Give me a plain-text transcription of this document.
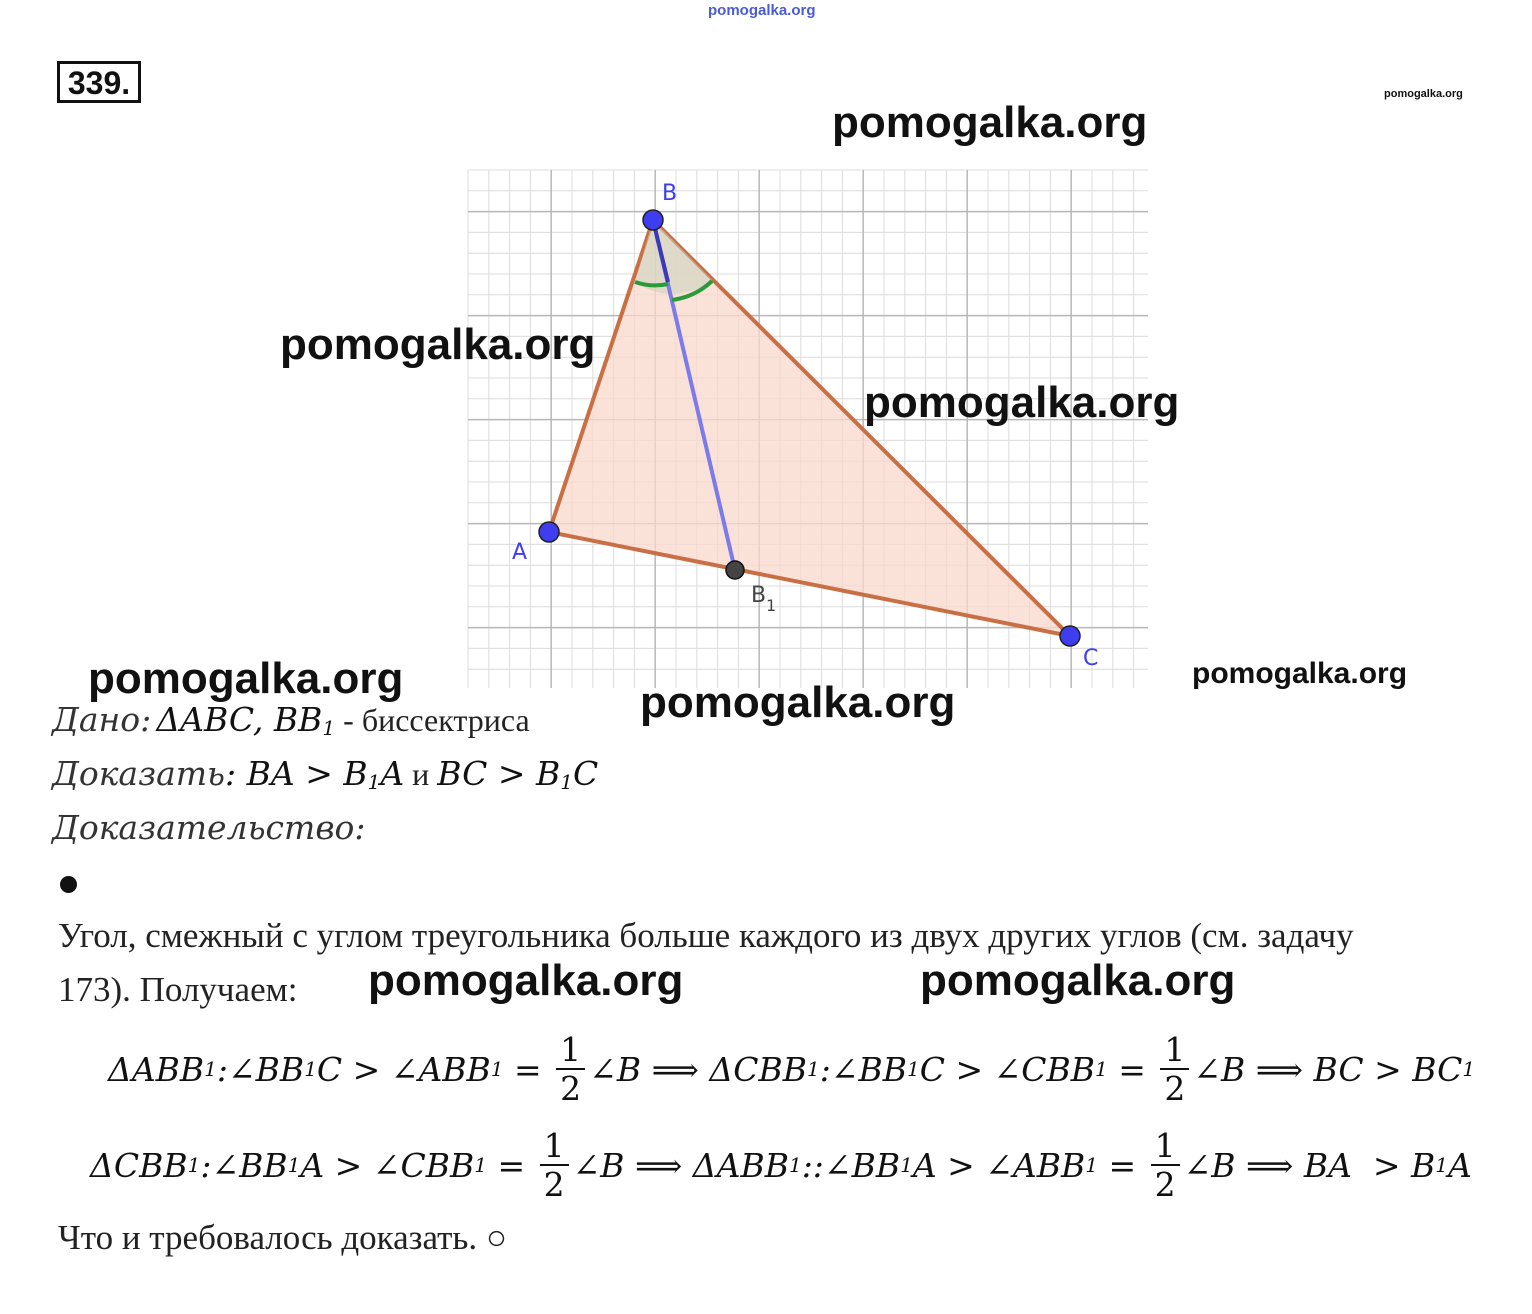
pomogalka.org
339.	pomogalka.org
B
A
B 1
C
pomogalka.org
pomogalka.org
pomogalka.org
pomogalka.org	pomogalka.org
pomogalka.org
Дано: ΔABC, $BB_1$ - биссектриса
Доказать: BA > $B_1A$ и BC > $B_1C$
Доказательство:
Угол, смежный с углом треугольника больше каждого из двух других углов (см. задачу
173). Получаем: pomogalka.org	pomogalka.org
ΔABB 1 :∠BB 1 C > ∠ABB $1 = \frac{1}{2}$ ∠B ⟹ ΔCBB 1 :∠BB 1 C > ∠CBB $1 = \frac{1}{2}$ ∠B ⟹ BC > BC 1
ΔCBB 1 :∠BB 1 A > ∠CBB $1 = \frac{1}{2}$ ∠B ⟹ ΔABB 1 ::∠BB 1 A > ∠ABB $1 = \frac{1}{2}$ ∠B ⟹ BA  > B 1 A
Что и требовалось доказать. ○
